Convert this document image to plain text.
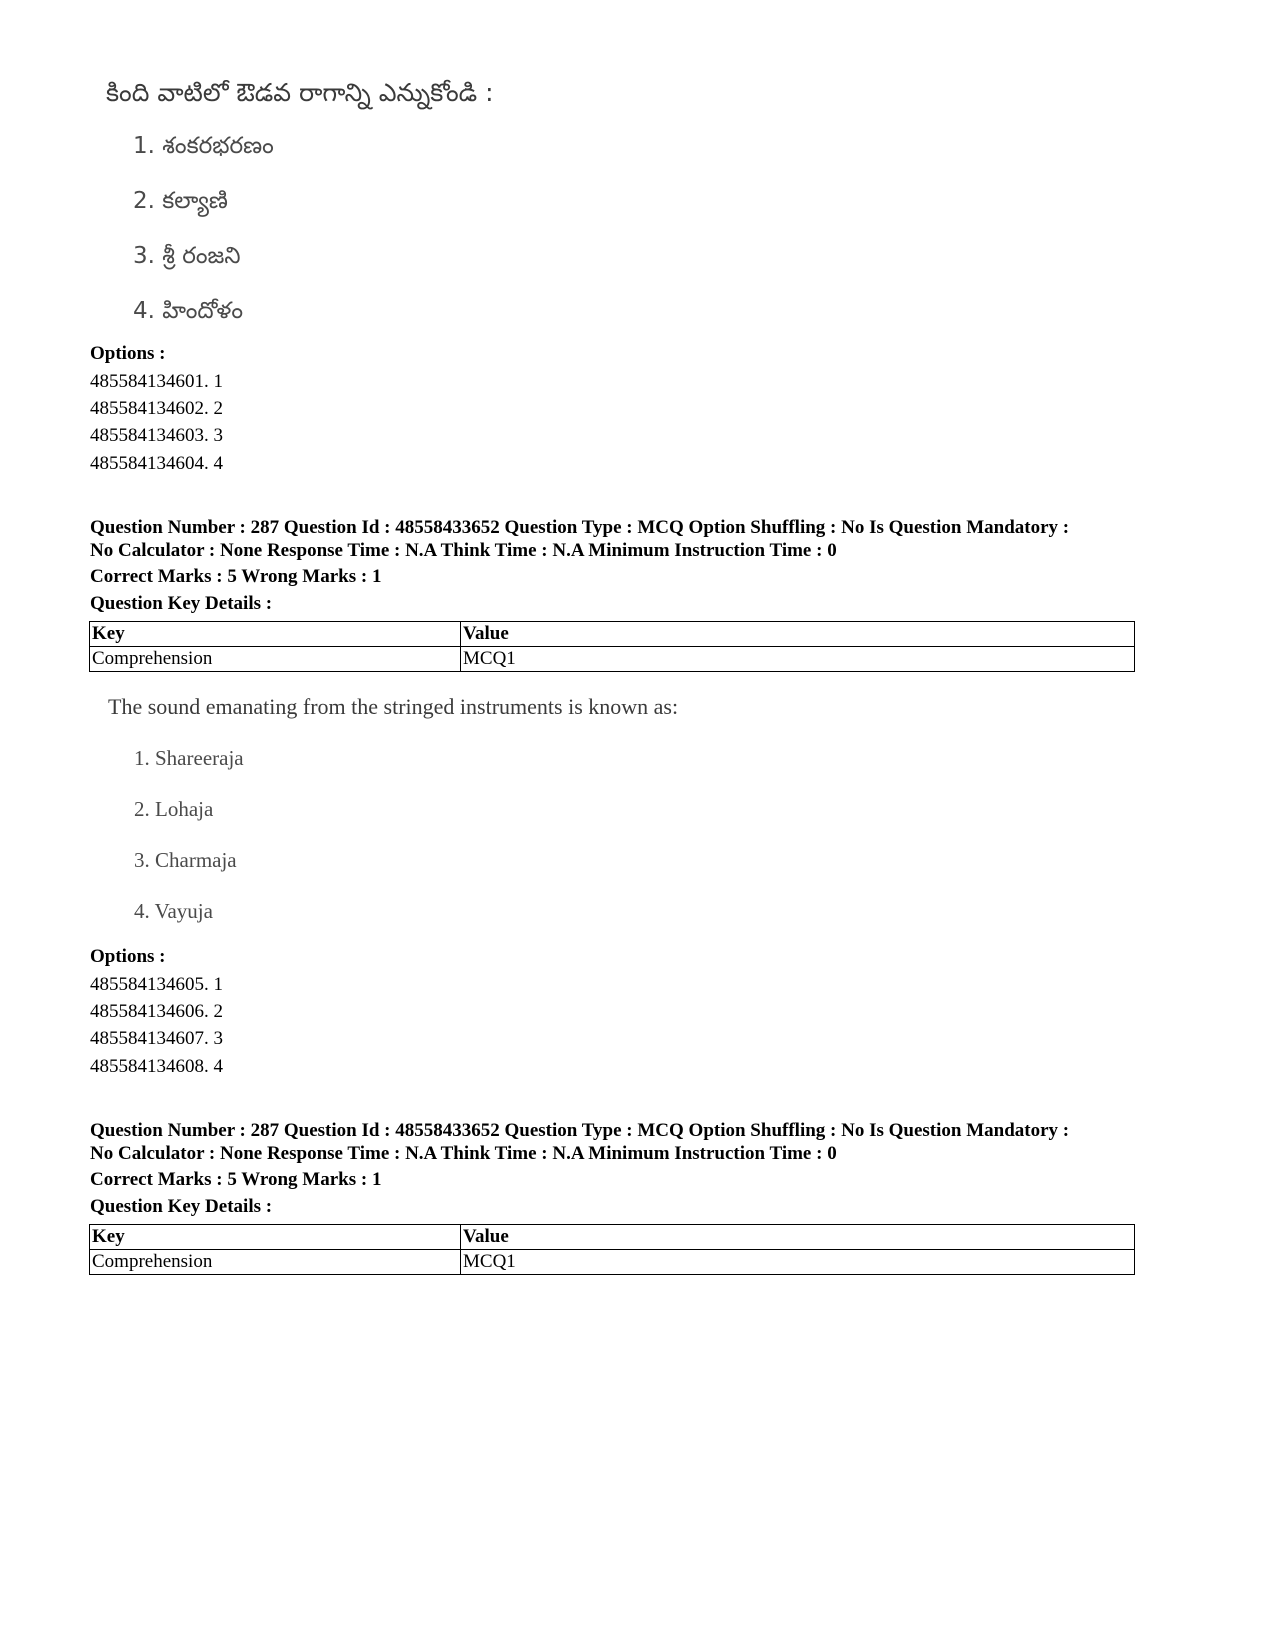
కింది వాటిలో ఔడవ రాగాన్ని ఎన్నుకోండి :
1. శంకరభరణం
2. కల్యాణి
3. శ్రీ రంజని
4. హిందోళం
Options :
485584134601. 1
485584134602. 2
485584134603. 3
485584134604. 4
Question Number : 287 Question Id : 48558433652 Question Type : MCQ Option Shuffling : No Is Question Mandatory :
No Calculator : None Response Time : N.A Think Time : N.A Minimum Instruction Time : 0
Correct Marks : 5 Wrong Marks : 1
Question Key Details :
Key	Value
Comprehension	MCQ1
The sound emanating from the stringed instruments is known as:
1. Shareeraja
2. Lohaja
3. Charmaja
4. Vayuja
Options :
485584134605. 1
485584134606. 2
485584134607. 3
485584134608. 4
Question Number : 287 Question Id : 48558433652 Question Type : MCQ Option Shuffling : No Is Question Mandatory :
No Calculator : None Response Time : N.A Think Time : N.A Minimum Instruction Time : 0
Correct Marks : 5 Wrong Marks : 1
Question Key Details :
Key	Value
Comprehension	MCQ1
